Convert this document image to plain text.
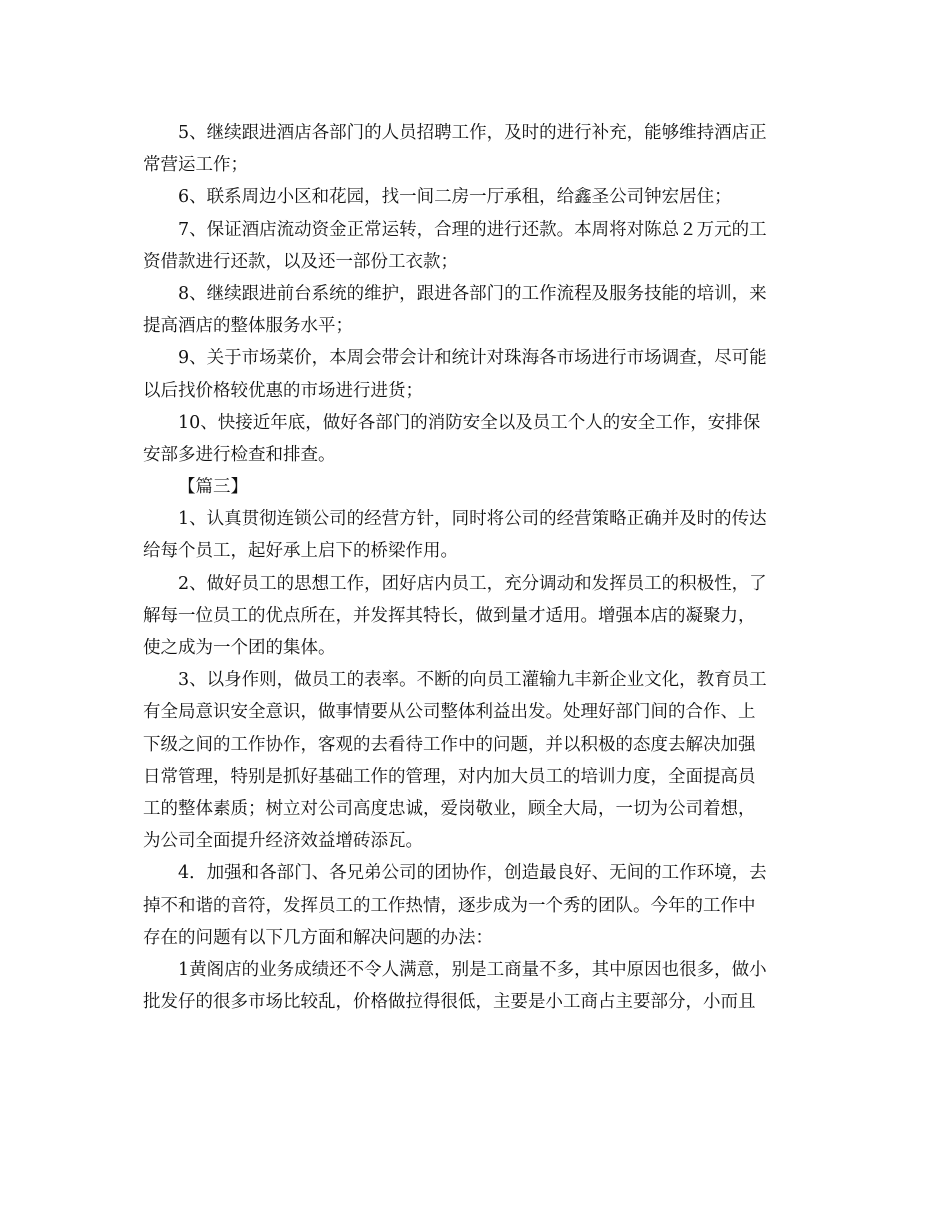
5、继续跟进酒店各部门的人员招聘工作，及时的进行补充，能够维持酒店正
常营运工作；
6、联系周边小区和花园，找一间二房一厅承租，给鑫圣公司钟宏居住；
7、保证酒店流动资金正常运转，合理的进行还款。本周将对陈总２万元的工
资借款进行还款，以及还一部份工衣款；
8、继续跟进前台系统的维护，跟进各部门的工作流程及服务技能的培训，来
提高酒店的整体服务水平；
9、关于市场菜价，本周会带会计和统计对珠海各市场进行市场调查，尽可能
以后找价格较优惠的市场进行进货；
10、快接近年底，做好各部门的消防安全以及员工个人的安全工作，安排保
安部多进行检查和排查。
【篇三】
1、认真贯彻连锁公司的经营方针，同时将公司的经营策略正确并及时的传达
给每个员工，起好承上启下的桥梁作用。
2、做好员工的思想工作，团好店内员工，充分调动和发挥员工的积极性，了
解每一位员工的优点所在，并发挥其特长，做到量才适用。增强本店的凝聚力，
使之成为一个团的集体。
3、以身作则，做员工的表率。不断的向员工灌输九丰新企业文化，教育员工
有全局意识安全意识，做事情要从公司整体利益出发。处理好部门间的合作、上
下级之间的工作协作，客观的去看待工作中的问题，并以积极的态度去解决加强
日常管理，特别是抓好基础工作的管理，对内加大员工的培训力度，全面提高员
工的整体素质；树立对公司高度忠诚，爱岗敬业，顾全大局，一切为公司着想，
为公司全面提升经济效益增砖添瓦。
4．加强和各部门、各兄弟公司的团协作，创造最良好、无间的工作环境，去
掉不和谐的音符，发挥员工的工作热情，逐步成为一个秀的团队。今年的工作中
存在的问题有以下几方面和解决问题的办法：
1黄阁店的业务成绩还不令人满意，别是工商量不多，其中原因也很多，做小
批发仔的很多市场比较乱，价格做拉得很低，主要是小工商占主要部分，小而且
